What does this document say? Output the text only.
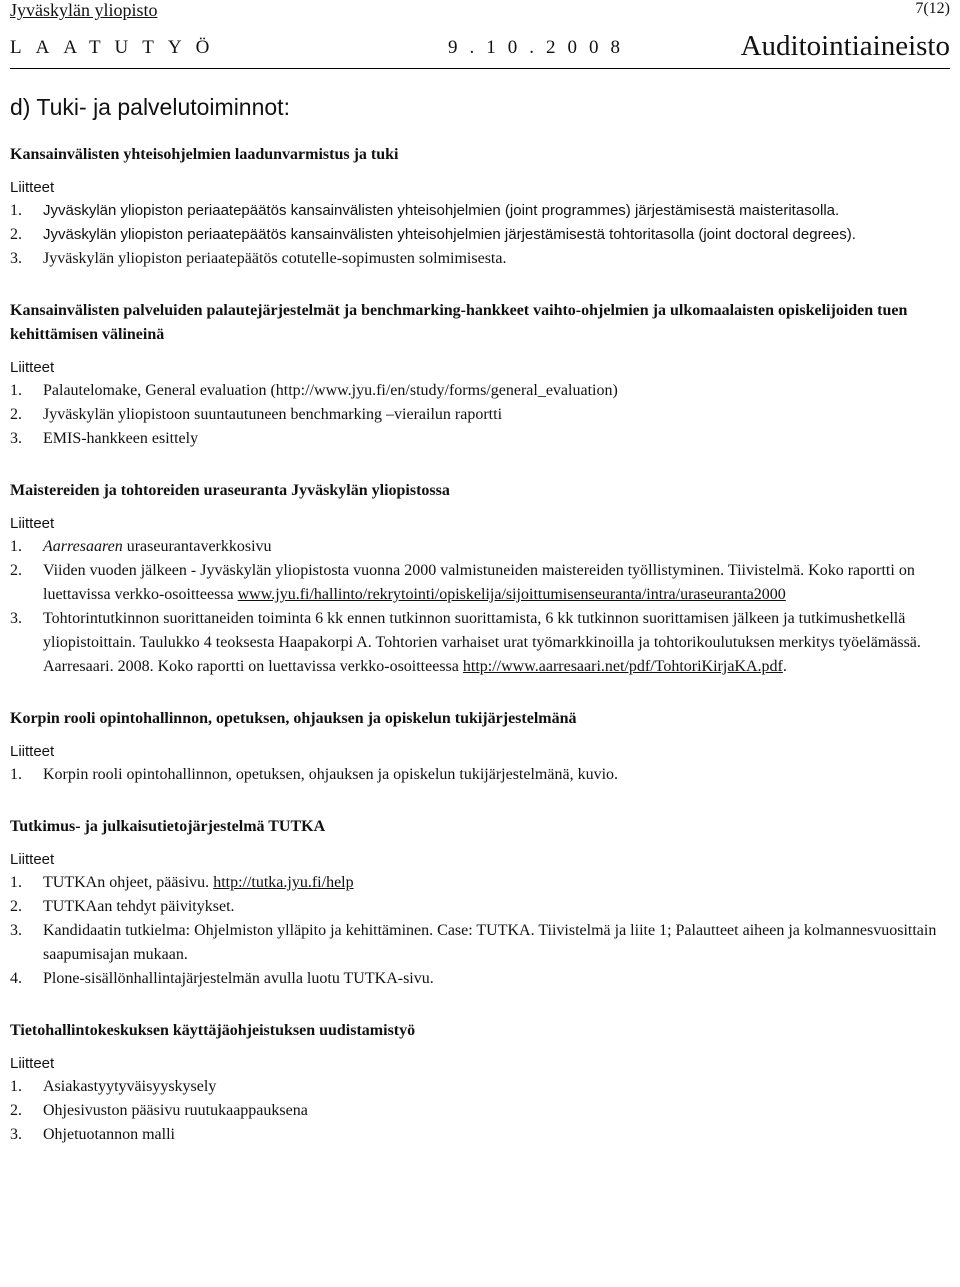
Jyväskylän yliopisto	7(12)
LAATUTYÖ	9.10.2008	Auditointiaineisto
d) Tuki- ja palvelutoiminnot:

Kansainvälisten yhteisohjelmien laadunvarmistus ja tuki

Liitteet

1. Jyväskylän yliopiston periaatepäätös kansainvälisten yhteisohjelmien (joint programmes) järjestämisestä maisteritasolla.
2. Jyväskylän yliopiston periaatepäätös kansainvälisten yhteisohjelmien järjestämisestä tohtoritasolla (joint doctoral degrees).
3. Jyväskylän yliopiston periaatepäätös cotutelle-sopimusten solmimisesta.

Kansainvälisten palveluiden palautejärjestelmät ja benchmarking-hankkeet vaihto-ohjelmien ja ulkomaalaisten opiskelijoiden tuen kehittämisen välineinä

Liitteet

1. Palautelomake, General evaluation (http://www.jyu.fi/en/study/forms/general_evaluation)
2. Jyväskylän yliopistoon suuntautuneen benchmarking –vierailun raportti
3. EMIS-hankkeen esittely

Maistereiden ja tohtoreiden uraseuranta Jyväskylän yliopistossa

Liitteet

1. Aarresaaren uraseurantaverkkosivu
2. Viiden vuoden jälkeen - Jyväskylän yliopistosta vuonna 2000 valmistuneiden maistereiden työllistyminen. Tiivistelmä. Koko raportti on luettavissa verkko-osoitteessa www.jyu.fi/hallinto/rekrytointi/opiskelija/sijoittumisenseuranta/intra/uraseuranta2000
3. Tohtorintutkinnon suorittaneiden toiminta 6 kk ennen tutkinnon suorittamista, 6 kk tutkinnon suorittamisen jälkeen ja tutkimushetkellä yliopistoittain. Taulukko 4 teoksesta Haapakorpi A. Tohtorien varhaiset urat työmarkkinoilla ja tohtorikoulutuksen merkitys työelämässä. Aarresaari. 2008. Koko raportti on luettavissa verkko-osoitteessa http://www.aarresaari.net/pdf/TohtoriKirjaKA.pdf.

Korpin rooli opintohallinnon, opetuksen, ohjauksen ja opiskelun tukijärjestelmänä

Liitteet

1. Korpin rooli opintohallinnon, opetuksen, ohjauksen ja opiskelun tukijärjestelmänä, kuvio.

Tutkimus- ja julkaisutietojärjestelmä TUTKA

Liitteet

1. TUTKAn ohjeet, pääsivu. http://tutka.jyu.fi/help
2. TUTKAan tehdyt päivitykset.
3. Kandidaatin tutkielma: Ohjelmiston ylläpito ja kehittäminen. Case: TUTKA. Tiivistelmä ja liite 1; Palautteet aiheen ja kolmannesvuosittain saapumisajan mukaan.
4. Plone-sisällönhallintajärjestelmän avulla luotu TUTKA-sivu.

Tietohallintokeskuksen käyttäjäohjeistuksen uudistamistyö

Liitteet

1. Asiakastyytyväisyyskysely
2. Ohjesivuston pääsivu ruutukaappauksena
3. Ohjetuotannon malli
